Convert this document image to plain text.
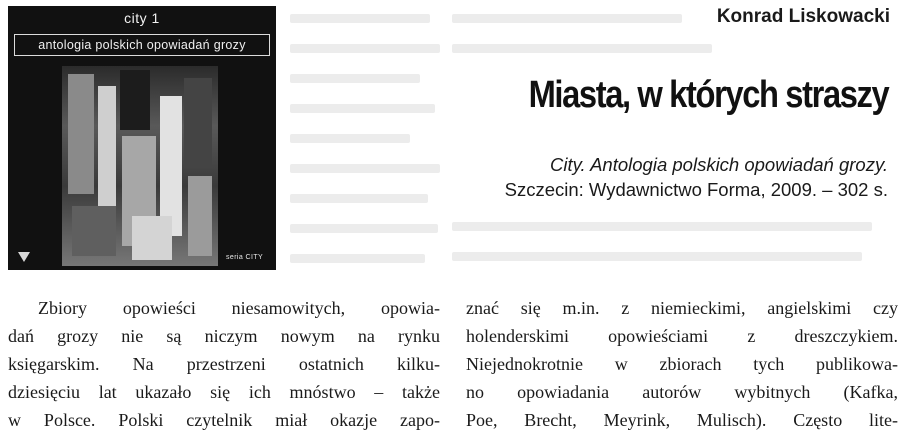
city 1
antologia polskich opowiadań grozy
seria CITY
Konrad Liskowacki
Miasta, w których straszy
City. Antologia polskich opowiadań grozy.
Szczecin: Wydawnictwo Forma, 2009. – 302 s.
Zbiory opowieści niesamowitych, opowia-
dań grozy nie są niczym nowym na rynku
księgarskim. Na przestrzeni ostatnich kilku-
dziesięciu lat ukazało się ich mnóstwo – także
w Polsce. Polski czytelnik miał okazje zapo-
znać się m.in. z niemieckimi, angielskimi czy
holenderskimi opowieściami z dreszczykiem.
Niejednokrotnie w zbiorach tych publikowa-
no opowiadania autorów wybitnych (Kafka,
Poe, Brecht, Meyrink, Mulisch). Często lite-
